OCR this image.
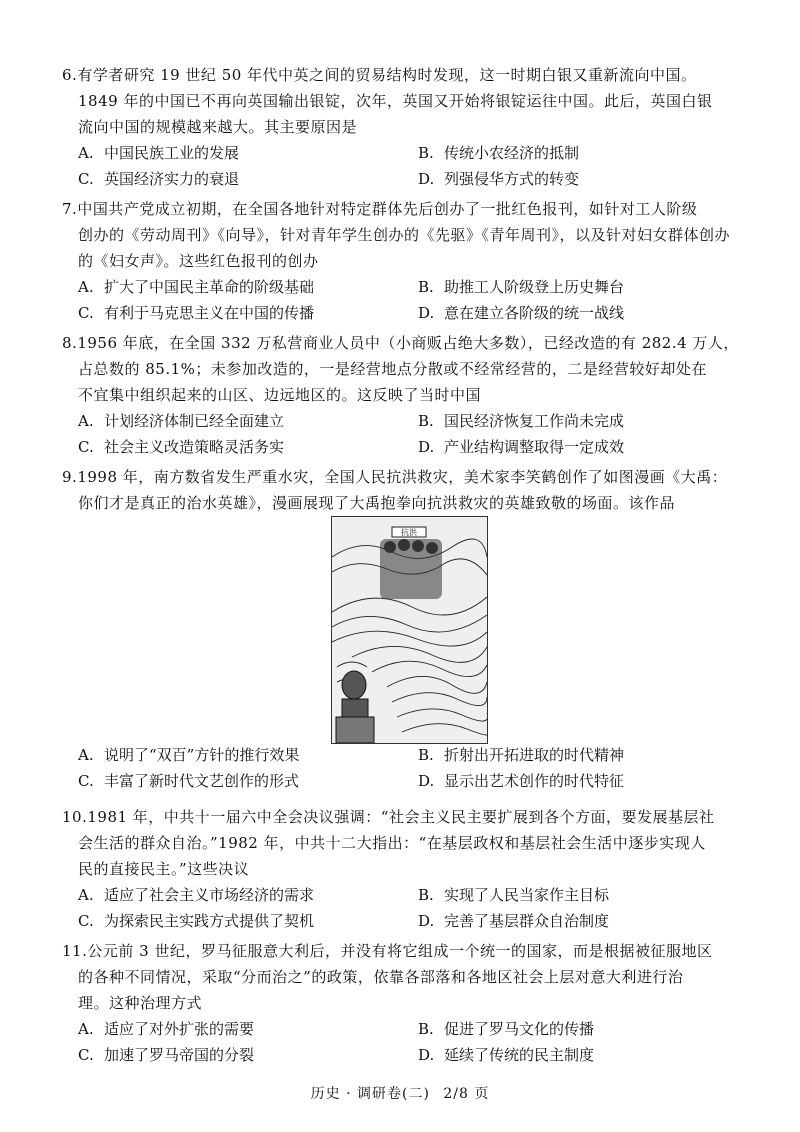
6.有学者研究 19 世纪 50 年代中英之间的贸易结构时发现，这一时期白银又重新流向中国。
1849 年的中国已不再向英国输出银锭，次年，英国又开始将银锭运往中国。此后，英国白银
流向中国的规模越来越大。其主要原因是
A. 中国民族工业的发展	B. 传统小农经济的抵制
C. 英国经济实力的衰退	D. 列强侵华方式的转变
7.中国共产党成立初期，在全国各地针对特定群体先后创办了一批红色报刊，如针对工人阶级
创办的《劳动周刊》《向导》，针对青年学生创办的《先驱》《青年周刊》，以及针对妇女群体创办
的《妇女声》。这些红色报刊的创办
A. 扩大了中国民主革命的阶级基础	B. 助推工人阶级登上历史舞台
C. 有利于马克思主义在中国的传播	D. 意在建立各阶级的统一战线
8.1956 年底，在全国 332 万私营商业人员中（小商贩占绝大多数），已经改造的有 282.4 万人，
占总数的 85.1%；未参加改造的，一是经营地点分散或不经常经营的，二是经营较好却处在
不宜集中组织起来的山区、边远地区的。这反映了当时中国
A. 计划经济体制已经全面建立	B. 国民经济恢复工作尚未完成
C. 社会主义改造策略灵活务实	D. 产业结构调整取得一定成效
9.1998 年，南方数省发生严重水灾，全国人民抗洪救灾，美术家李笑鹤创作了如图漫画《大禹：
你们才是真正的治水英雄》，漫画展现了大禹抱拳向抗洪救灾的英雄致敬的场面。该作品
抗洪
A. 说明了“双百”方针的推行效果	B. 折射出开拓进取的时代精神
C. 丰富了新时代文艺创作的形式	D. 显示出艺术创作的时代特征
10.1981 年，中共十一届六中全会决议强调：“社会主义民主要扩展到各个方面，要发展基层社
会生活的群众自治。”1982 年，中共十二大指出：“在基层政权和基层社会生活中逐步实现人
民的直接民主。”这些决议
A. 适应了社会主义市场经济的需求	B. 实现了人民当家作主目标
C. 为探索民主实践方式提供了契机	D. 完善了基层群众自治制度
11.公元前 3 世纪，罗马征服意大利后，并没有将它组成一个统一的国家，而是根据被征服地区
的各种不同情况，采取“分而治之”的政策，依靠各部落和各地区社会上层对意大利进行治
理。这种治理方式
A. 适应了对外扩张的需要	B. 促进了罗马文化的传播
C. 加速了罗马帝国的分裂	D. 延续了传统的民主制度
历史 · 调研卷(二) 2/8 页
